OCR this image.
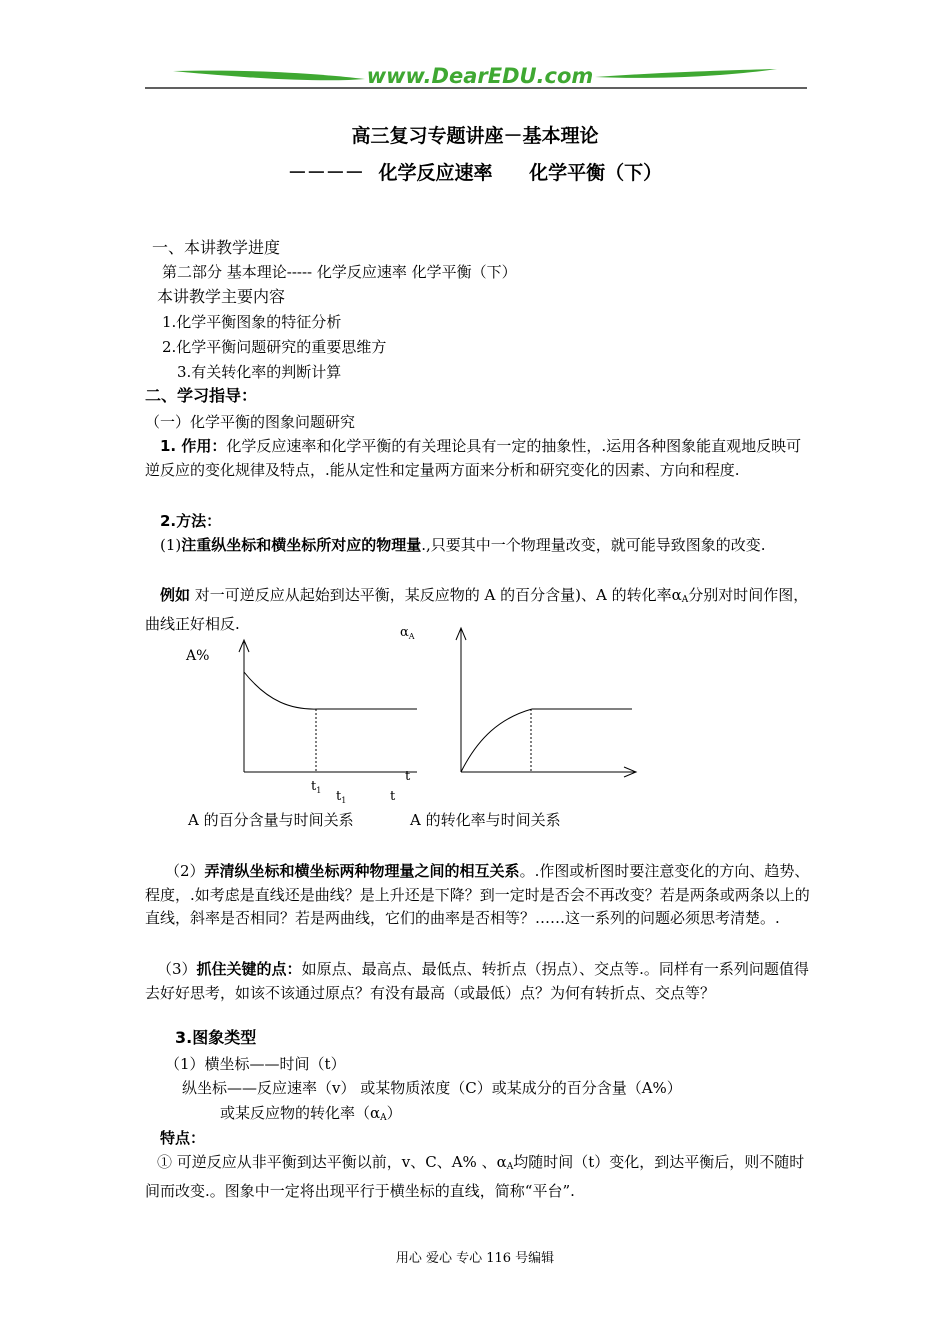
www.DearEDU.com
高三复习专题讲座－基本理论
－－－－ 化学反应速率 化学平衡（下）
一、本讲教学进度
第二部分 基本理论----- 化学反应速率 化学平衡（下）
本讲教学主要内容
1.化学平衡图象的特征分析
2.化学平衡问题研究的重要思维方
3.有关转化率的判断计算
二、学习指导：
（一）化学平衡的图象问题研究
1. 作用：化学反应速率和化学平衡的有关理论具有一定的抽象性，.运用各种图象能直观地反映可逆反应的变化规律及特点，.能从定性和定量两方面来分析和研究变化的因素、方向和程度.
2.方法：
(1)注重纵坐标和横坐标所对应的物理量.,只要其中一个物理量改变，就可能导致图象的改变.
例如 对一可逆反应从起始到达平衡，某反应物的 A 的百分含量)、A 的转化率$\alpha_A$分别对时间作图，曲线正好相反.
A%
t
$t_1$ $t_1$
$\alpha_A$
t
A 的百分含量与时间关系	A 的转化率与时间关系
（2）弄清纵坐标和横坐标两种物理量之间的相互关系。.作图或析图时要注意变化的方向、趋势、程度，.如考虑是直线还是曲线？是上升还是下降？到一定时是否会不再改变？若是两条或两条以上的直线，斜率是否相同？若是两曲线，它们的曲率是否相等？……这一系列的问题必须思考清楚。.
（3）抓住关键的点：如原点、最高点、最低点、转折点（拐点）、交点等.。同样有一系列问题值得去好好思考，如该不该通过原点？有没有最高（或最低）点？为何有转折点、交点等？
3.图象类型
（1）横坐标——时间（t）
纵坐标——反应速率（v） 或某物质浓度（C）或某成分的百分含量（A%）
或某反应物的转化率$(\alpha_A)$
特点：
① 可逆反应从非平衡到达平衡以前，v、C、A% 、$\alpha_A$均随时间（t）变化，到达平衡后，则不随时间而改变.。图象中一定将出现平行于横坐标的直线，简称“平台”.
用心 爱心 专心 116 号编辑
